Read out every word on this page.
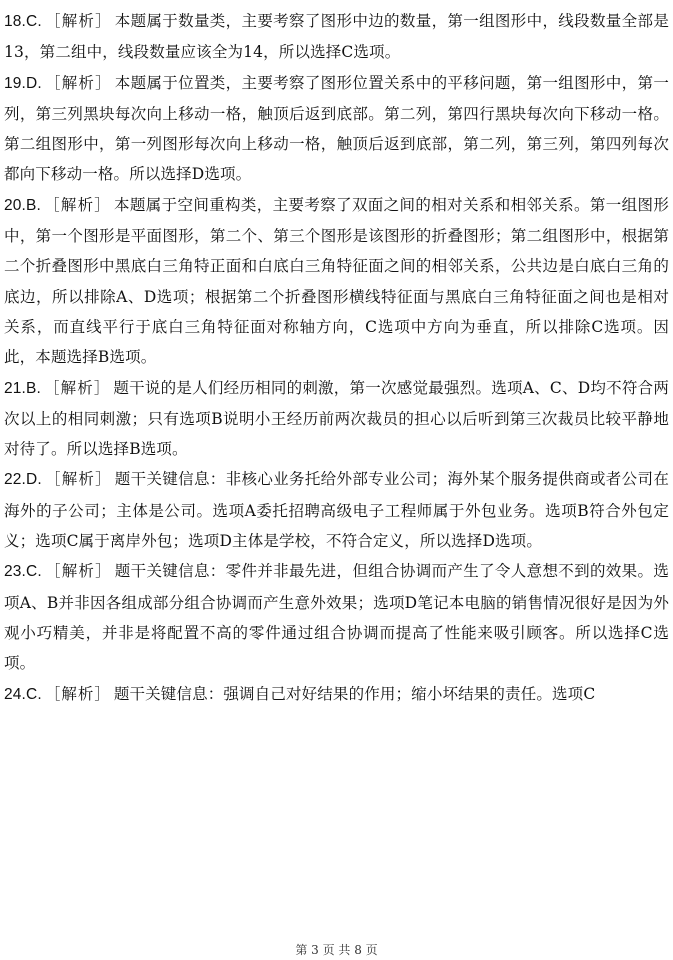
18.C. ［解析］ 本题属于数量类，主要考察了图形中边的数量，第一组图形中，线段数量全部是13，第二组中，线段数量应该全为14，所以选择C选项。

19.D. ［解析］ 本题属于位置类，主要考察了图形位置关系中的平移问题，第一组图形中，第一列，第三列黑块每次向上移动一格，触顶后返到底部。第二列，第四行黑块每次向下移动一格。第二组图形中，第一列图形每次向上移动一格，触顶后返到底部，第二列，第三列，第四列每次都向下移动一格。所以选择D选项。

20.B. ［解析］ 本题属于空间重构类，主要考察了双面之间的相对关系和相邻关系。第一组图形中，第一个图形是平面图形，第二个、第三个图形是该图形的折叠图形；第二组图形中，根据第二个折叠图形中黑底白三角特正面和白底白三角特征面之间的相邻关系，公共边是白底白三角的底边，所以排除A、D选项；根据第二个折叠图形横线特征面与黑底白三角特征面之间也是相对关系，而直线平行于底白三角特征面对称轴方向，C选项中方向为垂直，所以排除C选项。因此，本题选择B选项。

21.B. ［解析］ 题干说的是人们经历相同的刺激，第一次感觉最强烈。选项A、C、D均不符合两次以上的相同刺激；只有选项B说明小王经历前两次裁员的担心以后听到第三次裁员比较平静地对待了。所以选择B选项。

22.D. ［解析］ 题干关键信息：非核心业务托给外部专业公司；海外某个服务提供商或者公司在海外的子公司；主体是公司。选项A委托招聘高级电子工程师属于外包业务。选项B符合外包定义；选项C属于离岸外包；选项D主体是学校，不符合定义，所以选择D选项。

23.C. ［解析］ 题干关键信息：零件并非最先进，但组合协调而产生了令人意想不到的效果。选项A、B并非因各组成部分组合协调而产生意外效果；选项D笔记本电脑的销售情况很好是因为外观小巧精美，并非是将配置不高的零件通过组合协调而提高了性能来吸引顾客。所以选择C选项。

24.C. ［解析］ 题干关键信息：强调自己对好结果的作用；缩小坏结果的责任。选项C

第 3 页 共 8 页
